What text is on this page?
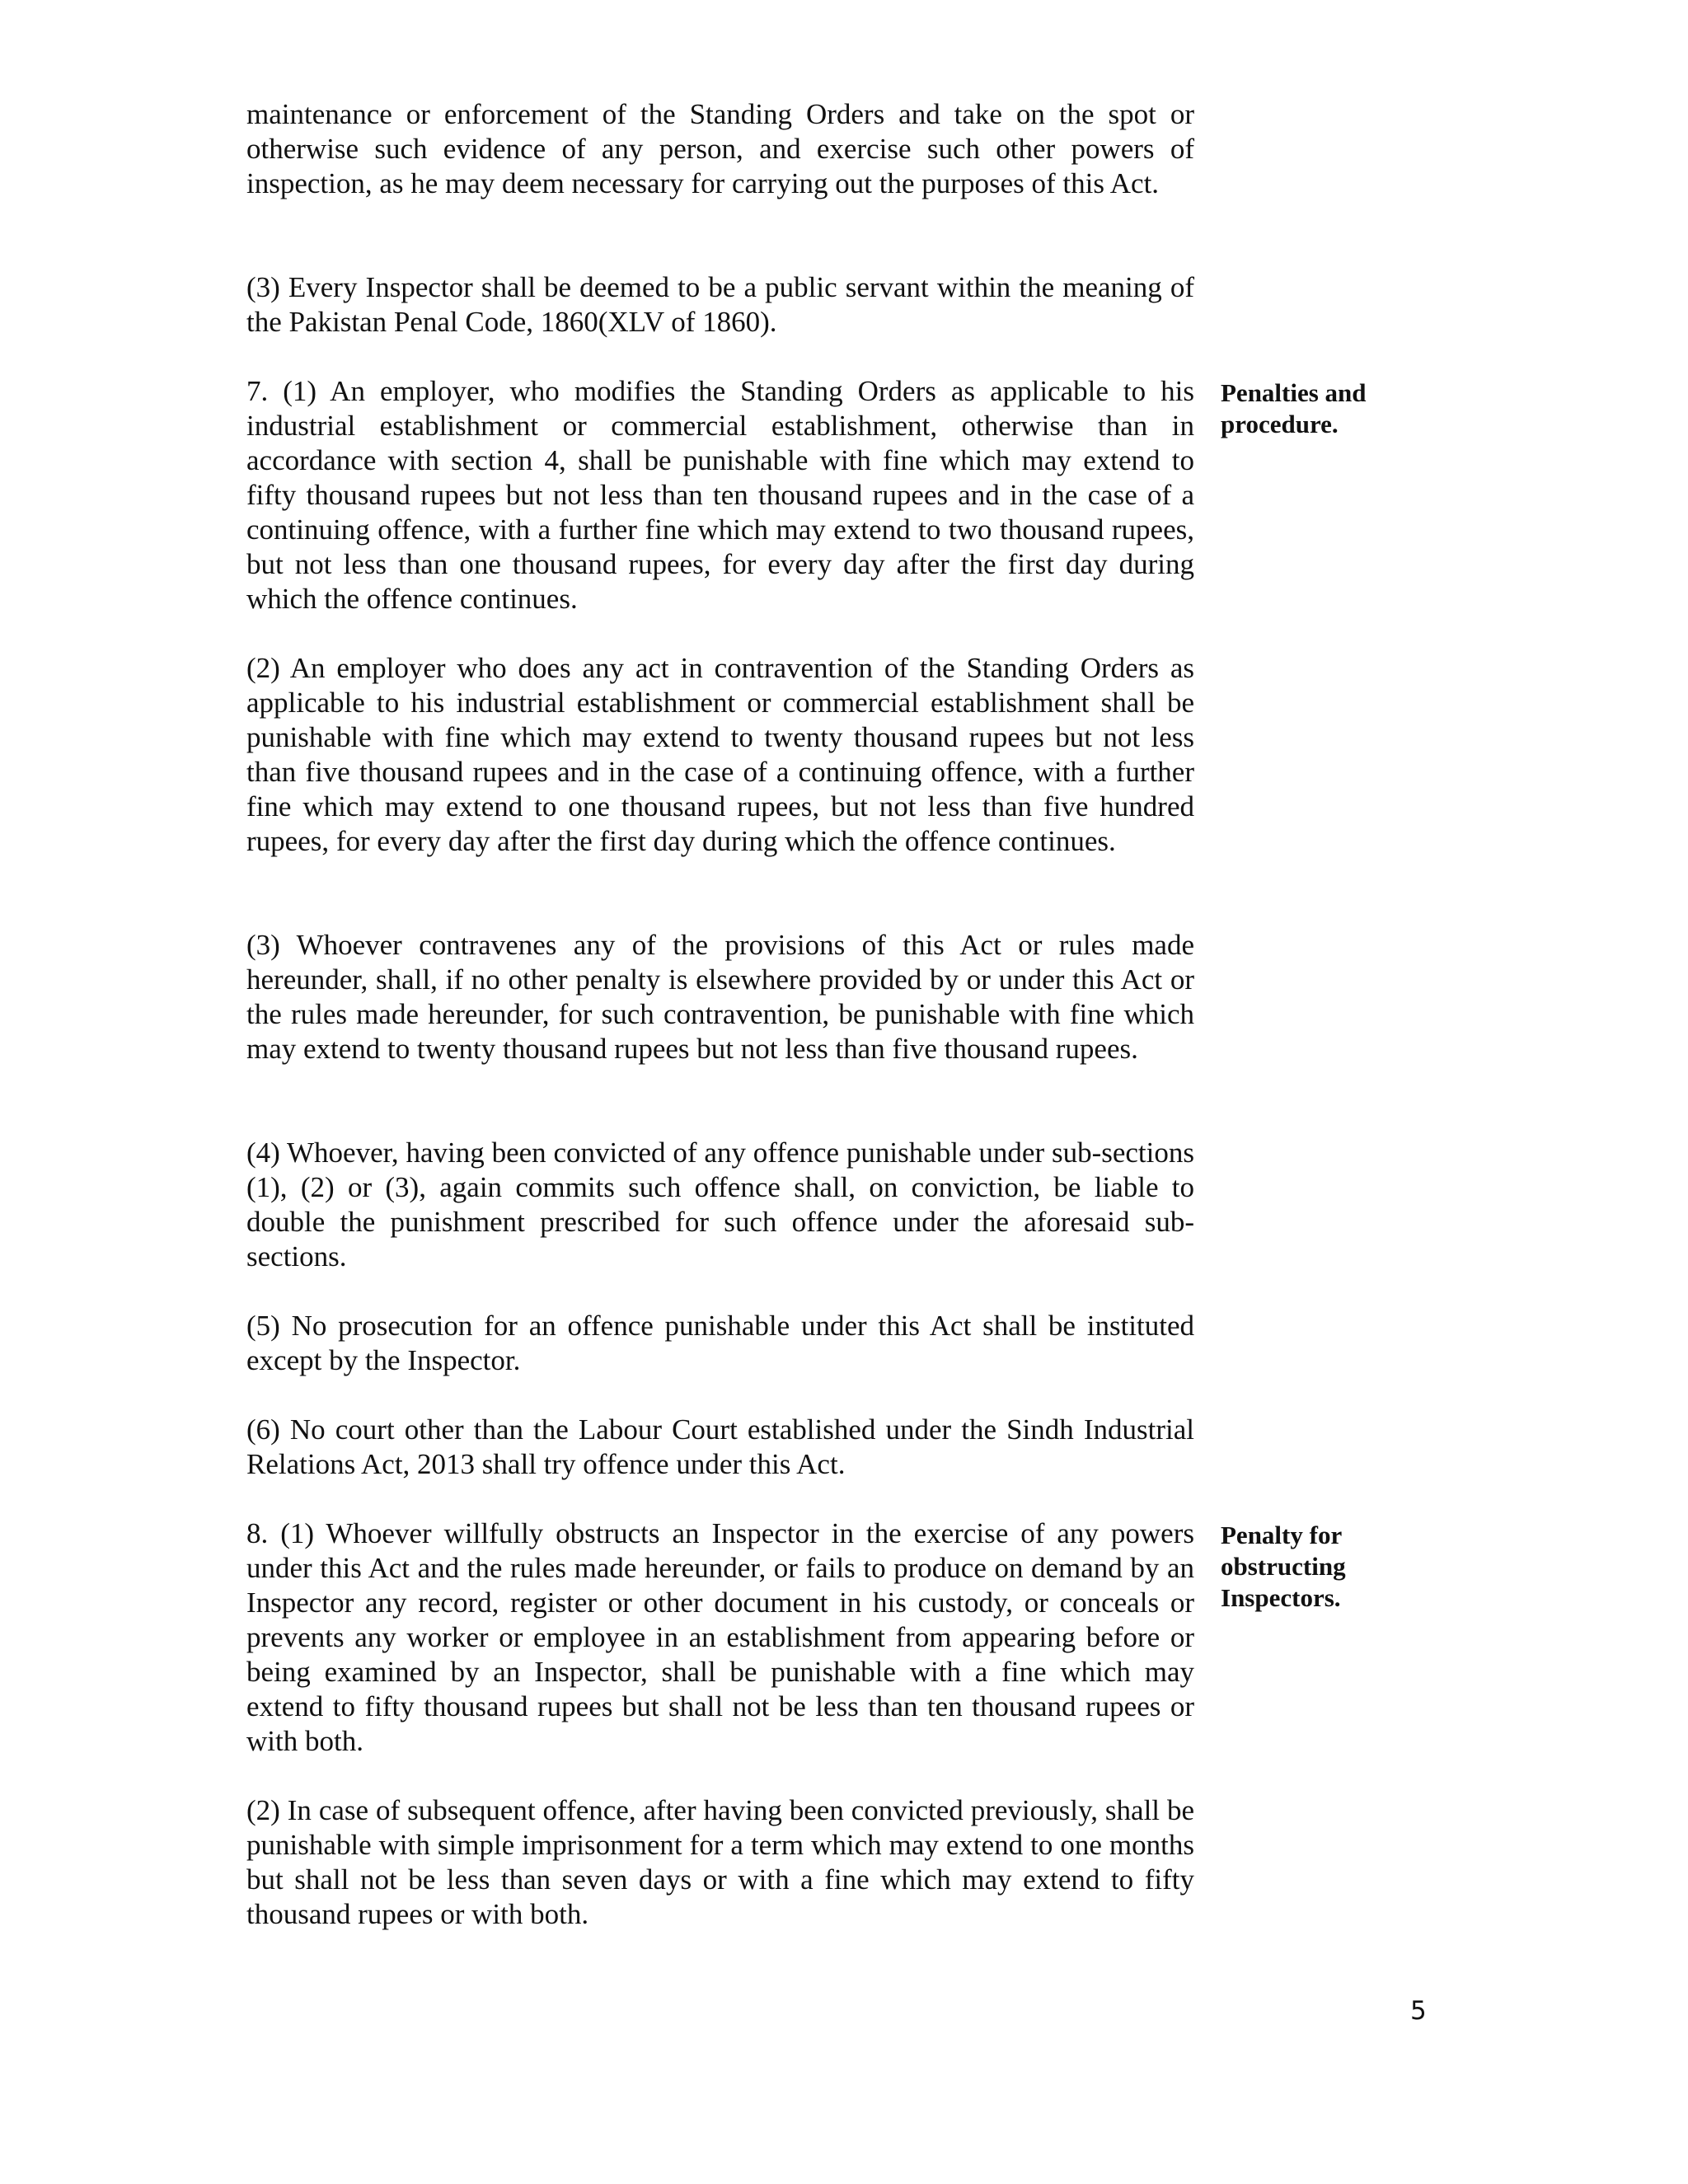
maintenance or enforcement of the Standing Orders and take on the spot or otherwise such evidence of any person, and exercise such other powers of inspection, as he may deem necessary for carrying out the purposes of this Act.

(3) Every Inspector shall be deemed to be a public servant within the meaning of the Pakistan Penal Code, 1860(XLV of 1860).

7. (1) An employer, who modifies the Standing Orders as applicable to his industrial establishment or commercial establishment, otherwise than in accordance with section 4, shall be punishable with fine which may extend to fifty thousand rupees but not less than ten thousand rupees and in the case of a continuing offence, with a further fine which may extend to two thousand rupees, but not less than one thousand rupees, for every day after the first day during which the offence continues.

Penalties and
procedure.

(2) An employer who does any act in contravention of the Standing Orders as applicable to his industrial establishment or commercial establishment shall be punishable with fine which may extend to twenty thousand rupees but not less than five thousand rupees and in the case of a continuing offence, with a further fine which may extend to one thousand rupees, but not less than five hundred rupees, for every day after the first day during which the offence continues.

(3) Whoever contravenes any of the provisions of this Act or rules made hereunder, shall, if no other penalty is elsewhere provided by or under this Act or the rules made hereunder, for such contravention, be punishable with fine which may extend to twenty thousand rupees but not less than five thousand rupees.

(4) Whoever, having been convicted of any offence punishable under sub-sections (1), (2) or (3), again commits such offence shall, on conviction, be liable to double the punishment prescribed for such offence under the aforesaid sub-sections.

(5) No prosecution for an offence punishable under this Act shall be instituted except by the Inspector.

(6) No court other than the Labour Court established under the Sindh Industrial Relations Act, 2013 shall try offence under this Act.

8. (1) Whoever willfully obstructs an Inspector in the exercise of any powers under this Act and the rules made hereunder, or fails to produce on demand by an Inspector any record, register or other document in his custody, or conceals or prevents any worker or employee in an establishment from appearing before or being examined by an Inspector, shall be punishable with a fine which may extend to fifty thousand rupees but shall not be less than ten thousand rupees or with both.

Penalty for
obstructing
Inspectors.

(2) In case of subsequent offence, after having been convicted previously, shall be punishable with simple imprisonment for a term which may extend to one months but shall not be less than seven days or with a fine which may extend to fifty thousand rupees or with both.

5
